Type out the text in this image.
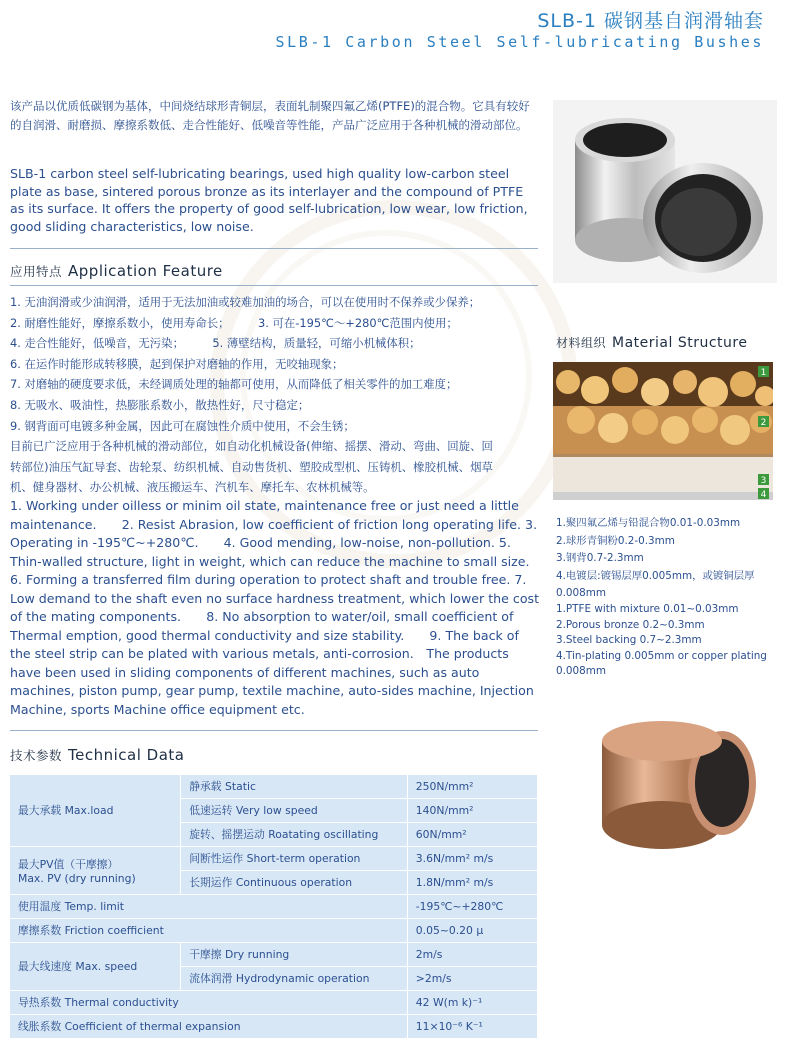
SLB-1 碳钢基自润滑轴套
SLB-1 Carbon Steel Self-lubricating Bushes
该产品以优质低碳钢为基体，中间烧结球形青铜层，表面轧制聚四氟乙烯(PTFE)的混合物。它具有较好的自润滑、耐磨损、摩擦系数低、走合性能好、低噪音等性能，产品广泛应用于各种机械的滑动部位。
SLB-1 carbon steel self-lubricating bearings, used high quality low-carbon steel plate as base, sintered porous bronze as its interlayer and the compound of PTFE as its surface. It offers the property of good self-lubrication, low wear, low friction, good sliding characteristics, low noise.
应用特点 Application Feature
1. 无油润滑或少油润滑，适用于无法加油或较难加油的场合，可以在使用时不保养或少保养；
2. 耐磨性能好，摩擦系数小，使用寿命长；　　　3. 可在-195℃～+280℃范围内使用；
4. 走合性能好，低噪音，无污染；　　　5. 薄壁结构，质量轻，可缩小机械体积；
6. 在运作时能形成转移膜，起到保护对磨轴的作用，无咬轴现象；
7. 对磨轴的硬度要求低，未经调质处理的轴都可使用，从而降低了相关零件的加工难度；
8. 无吸水、吸油性，热膨胀系数小，散热性好，尺寸稳定；
9. 钢背面可电镀多种金属，因此可在腐蚀性介质中使用，不会生锈；
目前已广泛应用于各种机械的滑动部位，如自动化机械设备(伸缩、摇摆、滑动、弯曲、回旋、回
转部位)油压气缸导套、齿轮泵、纺织机械、自动售货机、塑胶成型机、压铸机、橡胶机械、烟草
机、健身器材、办公机械、液压搬运车、汽机车、摩托车、农林机械等。
1. Working under oilless or minim oil state, maintenance free or just need a little maintenance.　　2. Resist Abrasion, low coefficient of friction long operating life. 3. Operating in -195℃~+280℃.　　4. Good mending, low-noise, non-pollution. 5. Thin-walled structure, light in weight, which can reduce the machine to small size. 6. Forming a transferred film during operation to protect shaft and trouble free. 7. Low demand to the shaft even no surface hardness treatment, which lower the cost of the mating components.　　8. No absorption to water/oil, small coefficient of Thermal emption, good thermal conductivity and size stability.　　9. The back of the steel strip can be plated with various metals, anti-corrosion.　The products have been used in sliding components of different machines, such as auto machines, piston pump, gear pump, textile machine, auto-sides machine, Injection Machine, sports Machine office equipment etc.
材料组织 Material Structure
1
2
3
4
1.聚四氟乙烯与铅混合物0.01-0.03mm
2.球形青铜粉0.2-0.3mm
3.钢背0.7-2.3mm
4.电镀层:镀锡层厚0.005mm，或镀铜层厚0.008mm
1.PTFE with mixture 0.01~0.03mm
2.Porous bronze 0.2~0.3mm
3.Steel backing 0.7~2.3mm
4.Tin-plating 0.005mm or copper plating 0.008mm
技术参数 Technical Data
最大承载 Max.load	静承载 Static	250N/mm²
	低速运转 Very low speed	140N/mm²
	旋转、摇摆运动 Roatating oscillating	60N/mm²

最大PV值（干摩擦）
Max. PV (dry running)	间断性运作 Short-term operation	3.6N/mm² m/s
	长期运作 Continuous operation	1.8N/mm² m/s
使用温度 Temp. limit		-195℃~+280℃
摩擦系数 Friction coefficient		0.05~0.20 μ
最大线速度 Max. speed	干摩擦 Dry running	2m/s
	流体润滑 Hydrodynamic operation	>2m/s
导热系数 Thermal conductivity		42 W(m k)⁻¹
线胀系数 Coefficient of thermal expansion		11×10⁻⁶ K⁻¹
